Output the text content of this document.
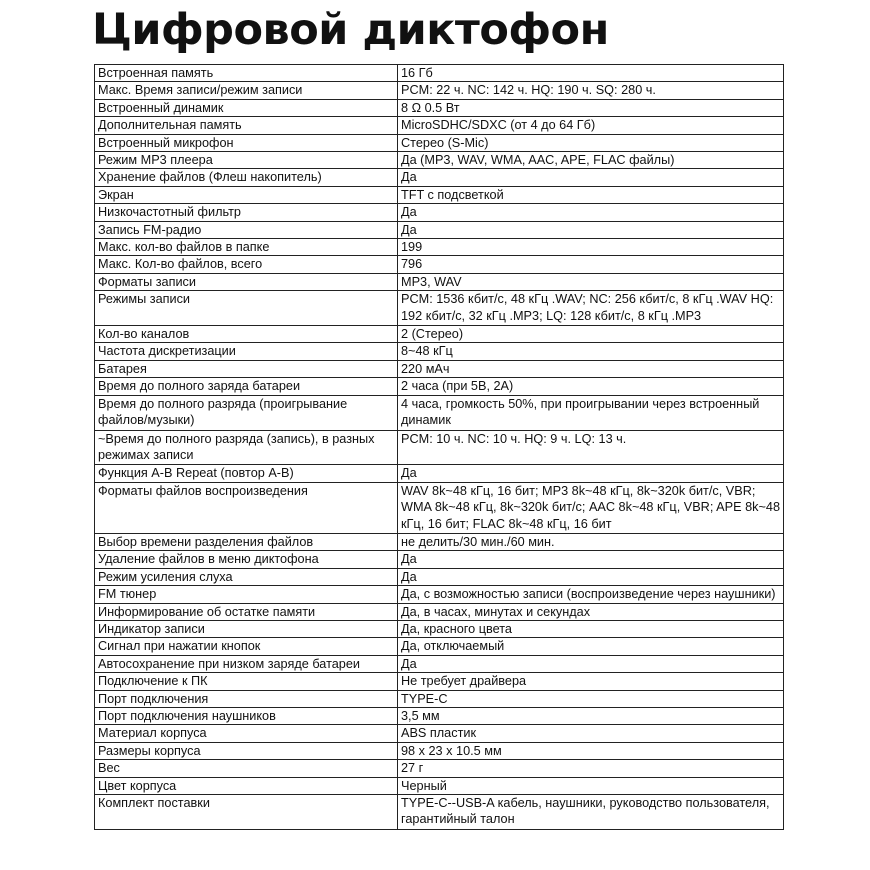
Цифровой диктофон
Встроенная память	16 Гб
Макс. Время записи/режим записи	PCM: 22 ч. NC: 142 ч. HQ: 190 ч. SQ: 280 ч.
Встроенный динамик	8 Ω 0.5 Вт
Дополнительная память	MicroSDHC/SDXC (от 4 до 64 Гб)
Встроенный микрофон	Стерео (S-Mic)
Режим MP3 плеера	Да (MP3, WAV, WMA, AAC, APE, FLAC файлы)
Хранение файлов (Флеш накопитель)	Да
Экран	TFT с подсветкой
Низкочастотный фильтр	Да
Запись FM-радио	Да
Макс. кол-во файлов в папке	199
Макс. Кол-во файлов, всего	796
Форматы записи	MP3, WAV
Режимы записи	PCM: 1536 кбит/с, 48 кГц .WAV; NC: 256 кбит/с, 8 кГц .WAV HQ: 192 кбит/с, 32 кГц .MP3; LQ: 128 кбит/с, 8 кГц .MP3
Кол-во каналов	2 (Стерео)
Частота дискретизации	8~48 кГц
Батарея	220 мАч
Время до полного заряда батареи	2 часа (при 5В, 2А)
Время до полного разряда (проигрывание файлов/музыки)	4 часа, громкость 50%, при проигрывании через встроенный динамик
~Время до полного разряда (запись), в разных режимах записи	PCM: 10 ч. NC: 10 ч. HQ: 9 ч. LQ: 13 ч.
Функция A-B Repeat (повтор A-B)	Да
Форматы файлов воспроизведения	WAV 8k~48 кГц, 16 бит; MP3 8k~48 кГц, 8k~320k бит/с, VBR; WMA 8k~48 кГц, 8k~320k бит/с; AAC 8k~48 кГц, VBR; APE 8k~48 кГц, 16 бит; FLAC 8k~48 кГц, 16 бит
Выбор времени разделения файлов	не делить/30 мин./60 мин.
Удаление файлов в меню диктофона	Да
Режим усиления слуха	Да
FM тюнер	Да, с возможностью записи (воспроизведение через наушники)
Информирование об остатке памяти	Да, в часах, минутах и секундах
Индикатор записи	Да, красного цвета
Сигнал при нажатии кнопок	Да, отключаемый
Автосохранение при низком заряде батареи	Да
Подключение к ПК	Не требует драйвера
Порт подключения	TYPE-C
Порт подключения наушников	3,5 мм
Материал корпуса	ABS пластик
Размеры корпуса	98 x 23 x 10.5 мм
Вес	27 г
Цвет корпуса	Черный
Комплект поставки	TYPE-C--USB-A кабель, наушники, руководство пользователя, гарантийный талон
